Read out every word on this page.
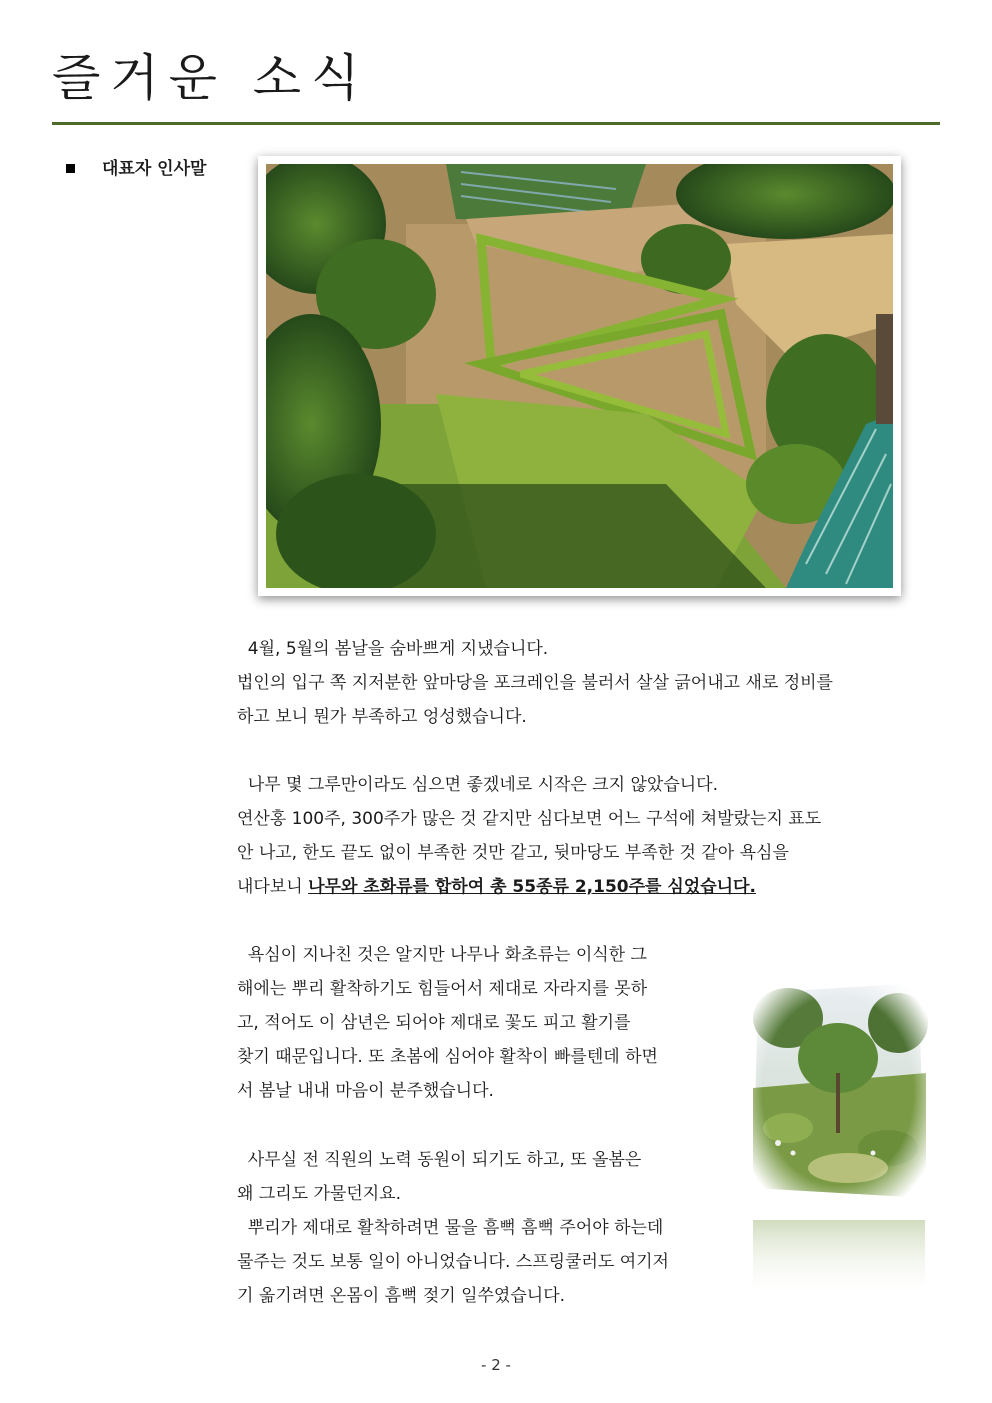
즐거운 소식
대표자 인사말

4월, 5월의 봄날을 숨바쁘게 지냈습니다.

법인의 입구 쪽 지저분한 앞마당을 포크레인을 불러서 살살 긁어내고 새로 정비를

하고 보니 뭔가 부족하고 엉성했습니다.

나무 몇 그루만이라도 심으면 좋겠네로 시작은 크지 않았습니다.

연산홍 100주, 300주가 많은 것 같지만 심다보면 어느 구석에 쳐발랐는지 표도

안 나고, 한도 끝도 없이 부족한 것만 같고, 뒷마당도 부족한 것 같아 욕심을

내다보니 나무와 초화류를 합하여 총 55종류 2,150주를 심었습니다.

욕심이 지나친 것은 알지만 나무나 화초류는 이식한 그

해에는 뿌리 활착하기도 힘들어서 제대로 자라지를 못하

고, 적어도 이 삼년은 되어야 제대로 꽃도 피고 활기를

찾기 때문입니다. 또 초봄에 심어야 활착이 빠를텐데 하면

서 봄날 내내 마음이 분주했습니다.

사무실 전 직원의 노력 동원이 되기도 하고, 또 올봄은

왜 그리도 가물던지요.

뿌리가 제대로 활착하려면 물을 흠뻑 흠뻑 주어야 하는데

물주는 것도 보통 일이 아니었습니다. 스프링쿨러도 여기저

기 옮기려면 온몸이 흠뻑 젖기 일쑤였습니다.

- 2 -
